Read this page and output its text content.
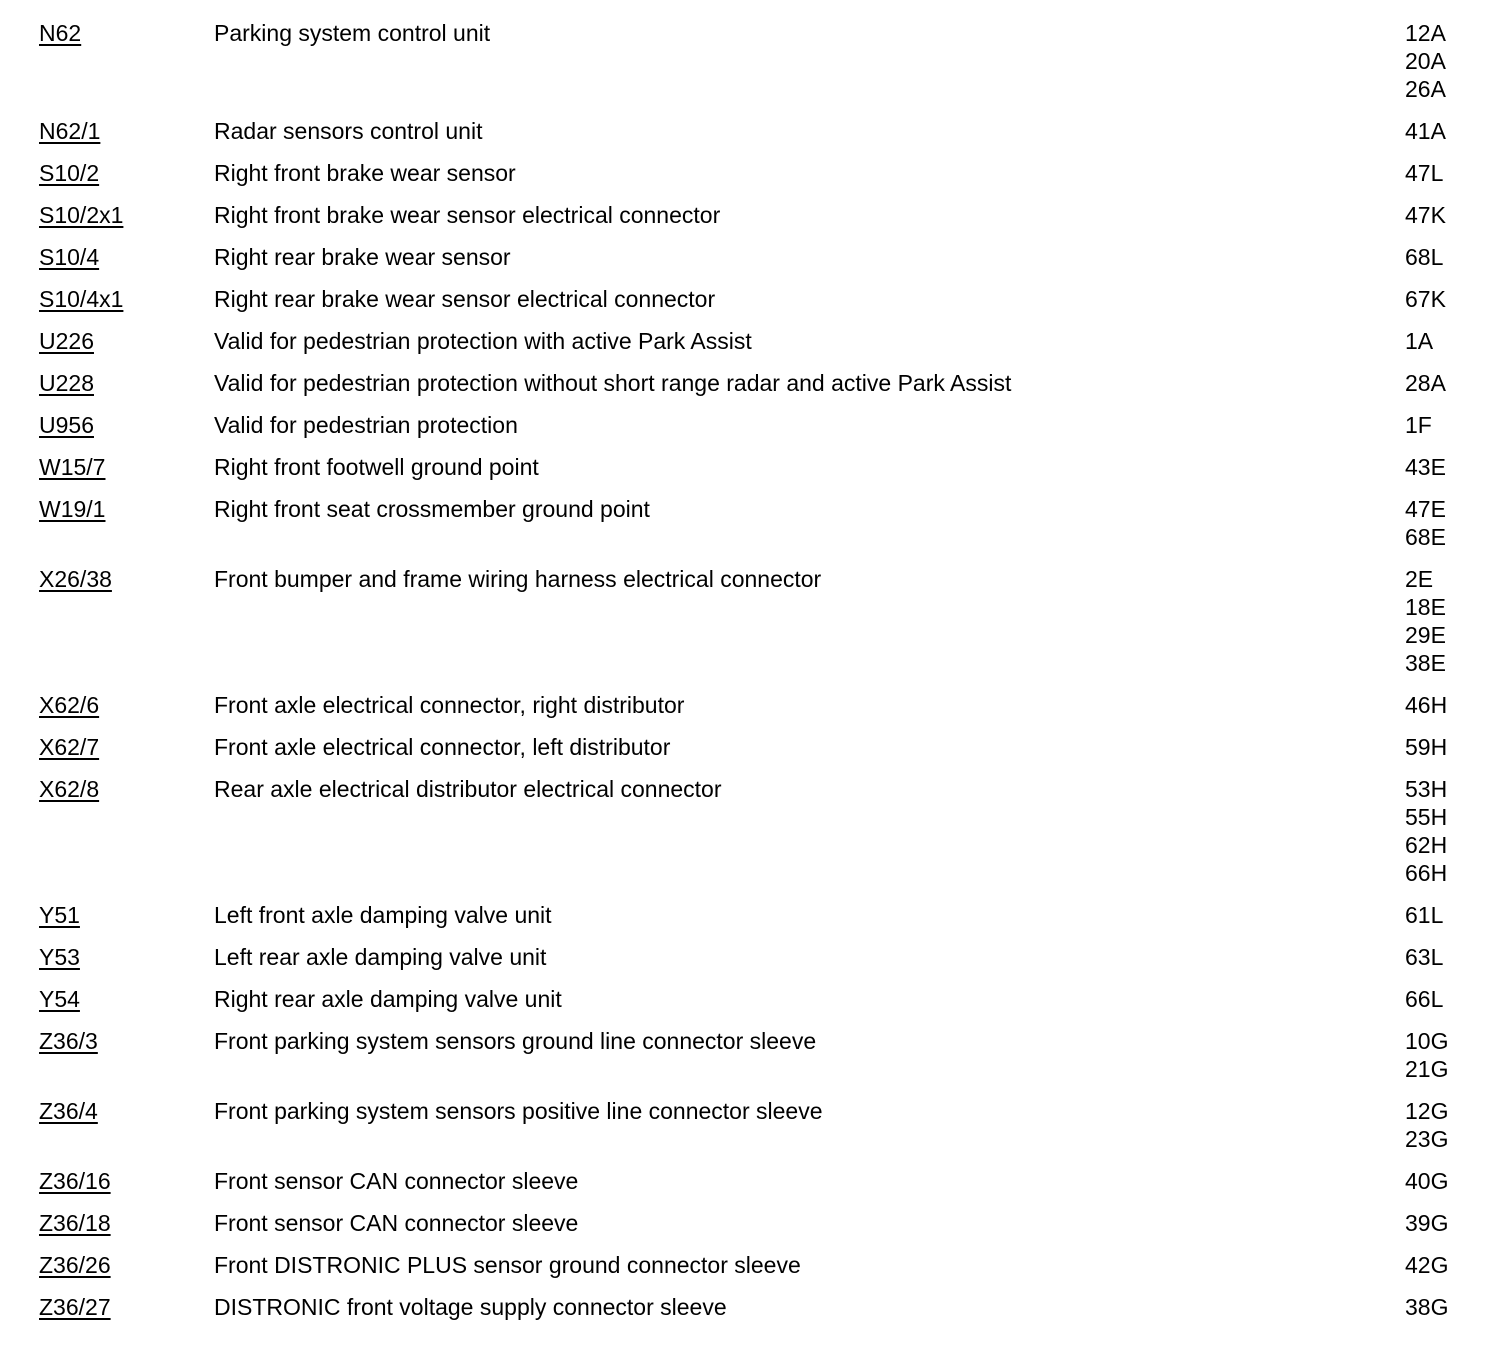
N62	Parking system control unit	12A
20A
26A
N62/1	Radar sensors control unit	41A
S10/2	Right front brake wear sensor	47L
S10/2x1	Right front brake wear sensor electrical connector	47K
S10/4	Right rear brake wear sensor	68L
S10/4x1	Right rear brake wear sensor electrical connector	67K
U226	Valid for pedestrian protection with active Park Assist	1A
U228	Valid for pedestrian protection without short range radar and active Park Assist	28A
U956	Valid for pedestrian protection	1F
W15/7	Right front footwell ground point	43E
W19/1	Right front seat crossmember ground point	47E
68E
X26/38	Front bumper and frame wiring harness electrical connector	2E
18E
29E
38E
X62/6	Front axle electrical connector, right distributor	46H
X62/7	Front axle electrical connector, left distributor	59H
X62/8	Rear axle electrical distributor electrical connector	53H
55H
62H
66H
Y51	Left front axle damping valve unit	61L
Y53	Left rear axle damping valve unit	63L
Y54	Right rear axle damping valve unit	66L
Z36/3	Front parking system sensors ground line connector sleeve	10G
21G
Z36/4	Front parking system sensors positive line connector sleeve	12G
23G
Z36/16	Front sensor CAN connector sleeve	40G
Z36/18	Front sensor CAN connector sleeve	39G
Z36/26	Front DISTRONIC PLUS sensor ground connector sleeve	42G
Z36/27	DISTRONIC front voltage supply connector sleeve	38G
